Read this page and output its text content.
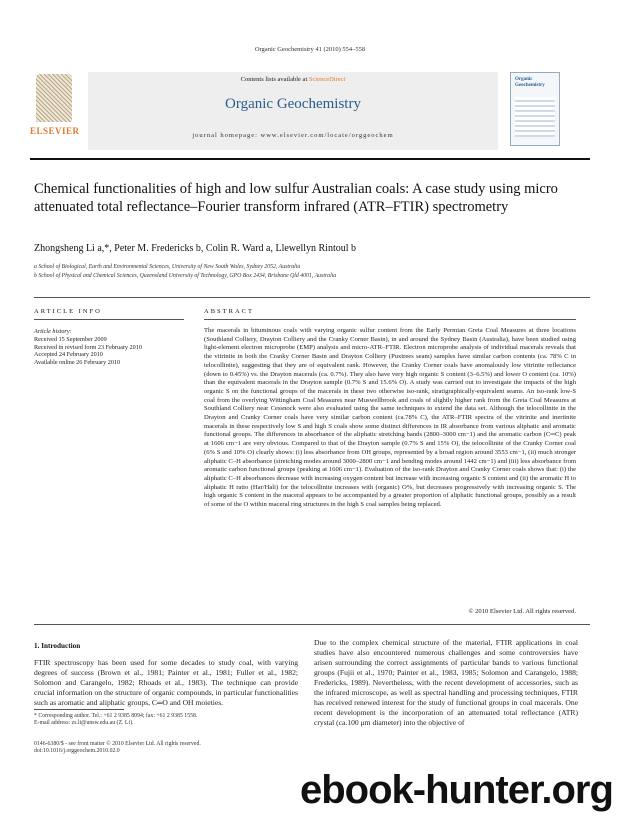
Organic Geochemistry 41 (2010) 554–558
ELSEVIER
Contents lists available at ScienceDirect
Organic Geochemistry
journal homepage: www.elsevier.com/locate/orggeochem
Organic Geochemistry
Chemical functionalities of high and low sulfur Australian coals: A case study using micro attenuated total reflectance–Fourier transform infrared (ATR–FTIR) spectrometry
Zhongsheng Li a,*, Peter M. Fredericks b, Colin R. Ward a, Llewellyn Rintoul b
a School of Biological, Earth and Environmental Sciences, University of New South Wales, Sydney 2052, Australia
b School of Physical and Chemical Sciences, Queensland University of Technology, GPO Box 2434, Brisbane Qld 4001, Australia
ARTICLE INFO	ABSTRACT
Article history:
Received 15 September 2009
Received in revised form 23 February 2010
Accepted 24 February 2010
Available online 26 February 2010
The macerals in bituminous coals with varying organic sulfur content from the Early Permian Greta Coal Measures at three locations (Southland Colliery, Drayton Colliery and the Cranky Corner Basin), in and around the Sydney Basin (Australia), have been studied using light-element electron microprobe (EMP) analysis and micro-ATR–FTIR. Electron microprobe analysis of individual macerals reveals that the vitrinite in both the Cranky Corner Basin and Drayton Colliery (Puxtrees seam) samples have similar carbon contents (ca. 78% C in telocollinite), suggesting that they are of equivalent rank. However, the Cranky Corner coals have anomalously low vitrinite reflectance (down to 0.45%) vs. the Drayton macerals (ca. 0.7%). They also have very high organic S content (3–6.5%) and lower O content (ca. 10%) than the equivalent macerals in the Drayton sample (0.7% S and 15.6% O). A study was carried out to investigate the impacts of the high organic S on the functional groups of the macerals in these two otherwise iso-rank, stratigraphically-equivalent seams. An iso-rank low-S coal from the overlying Wittingham Coal Measures near Muswellbrook and coals of slightly higher rank from the Greta Coal Measures at Southland Colliery near Cessnock were also evaluated using the same techniques to extend the data set. Although the telocollinite in the Drayton and Cranky Corner coals have very similar carbon content (ca.78% C), the ATR–FTIR spectra of the vitrinite and inertinite macerals in these respectively low S and high S coals show some distinct differences in IR absorbance from various aliphatic and aromatic functional groups. The differences in absorbance of the aliphatic stretching bands (2800–3000 cm−1) and the aromatic carbon (C═C) peak at 1606 cm−1 are very obvious. Compared to that of the Drayton sample (0.7% S and 15% O), the telocollinite of the Cranky Corner coal (6% S and 10% O) clearly shows: (i) less absorbance from OH groups, represented by a broad region around 3553 cm−1, (ii) much stronger aliphatic C–H absorbance (stretching modes around 3000–2800 cm−1 and bending modes around 1442 cm−1) and (iii) less absorbance from aromatic carbon functional groups (peaking at 1606 cm−1). Evaluation of the iso-rank Drayton and Cranky Corner coals shows that: (i) the aliphatic C–H absorbances decrease with increasing oxygen content but increase with increasing organic S content and (ii) the aromatic H to aliphatic H ratio (Har/Hali) for the telocollinite increases with (organic) O%, but decreases progressively with increasing organic S. The high organic S content in the maceral appears to be accompanied by a greater proportion of aliphatic functional groups, possibly as a result of some of the O within maceral ring structures in the high S coal samples being replaced.
© 2010 Elsevier Ltd. All rights reserved.
1. Introduction
FTIR spectroscopy has been used for some decades to study coal, with varying degrees of success (Brown et al., 1981; Painter et al., 1981; Fuller et al., 1982; Solomon and Carangelo, 1982; Rhoads et al., 1983). The technique can provide crucial information on the structure of organic compounds, in particular functionalities such as aromatic and aliphatic groups, C═O and OH moieties.
Due to the complex chemical structure of the material, FTIR applications in coal studies have also encountered numerous challenges and some controversies have arisen surrounding the correct assignments of particular bands to various functional groups (Fujii et al., 1970; Painter et al., 1983, 1985; Solomon and Carangelo, 1988; Fredericks, 1989). Nevertheless, with the recent development of accessories, such as the infrared microscope, as well as spectral handling and processing techniques, FTIR has received renewed interest for the study of functional groups in coal macerals. One recent development is the incorporation of an attenuated total reflectance (ATR) crystal (ca.100 μm diameter) into the objective of
* Corresponding author. Tel.: +61 2 9385 8094; fax: +61 2 9385 1558.
E-mail address: zs.li@unsw.edu.au (Z. Li).
0146-6380/$ - see front matter © 2010 Elsevier Ltd. All rights reserved.
doi:10.1016/j.orggeochem.2010.02.0
ebook-hunter.org
